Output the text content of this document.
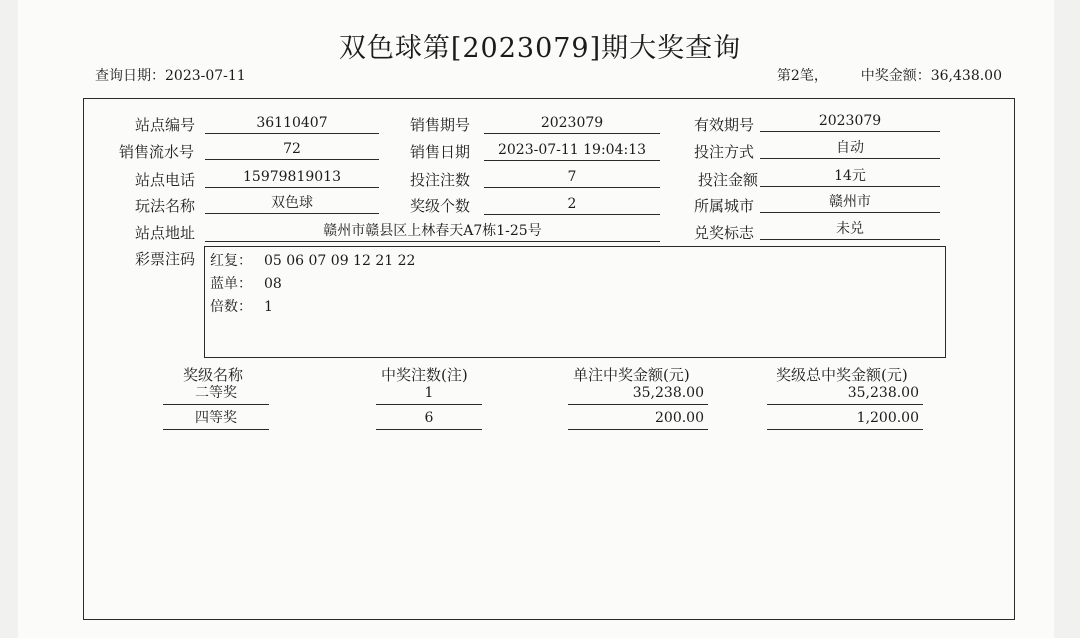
双色球第[2023079]期大奖查询
查询日期：2023-07-11	第2笔， 中奖金额：36,438.00
站点编号	36110407	销售期号	2023079	有效期号	2023079
销售流水号	72	销售日期	2023-07-11 19:04:13	投注方式	自动
站点电话	15979819013	投注注数	7	投注金额	14元
玩法名称	双色球	奖级个数	2	所属城市	赣州市
站点地址	赣州市赣县区上林春天A7栋1-25号	兑奖标志	未兑
彩票注码 红复： 05 06 07 09 12 21 22
蓝单： 08
倍数： 1
奖级名称	中奖注数(注)	单注中奖金额(元)	奖级总中奖金额(元)
二等奖	1	35,238.00	35,238.00
四等奖	6	200.00	1,200.00
